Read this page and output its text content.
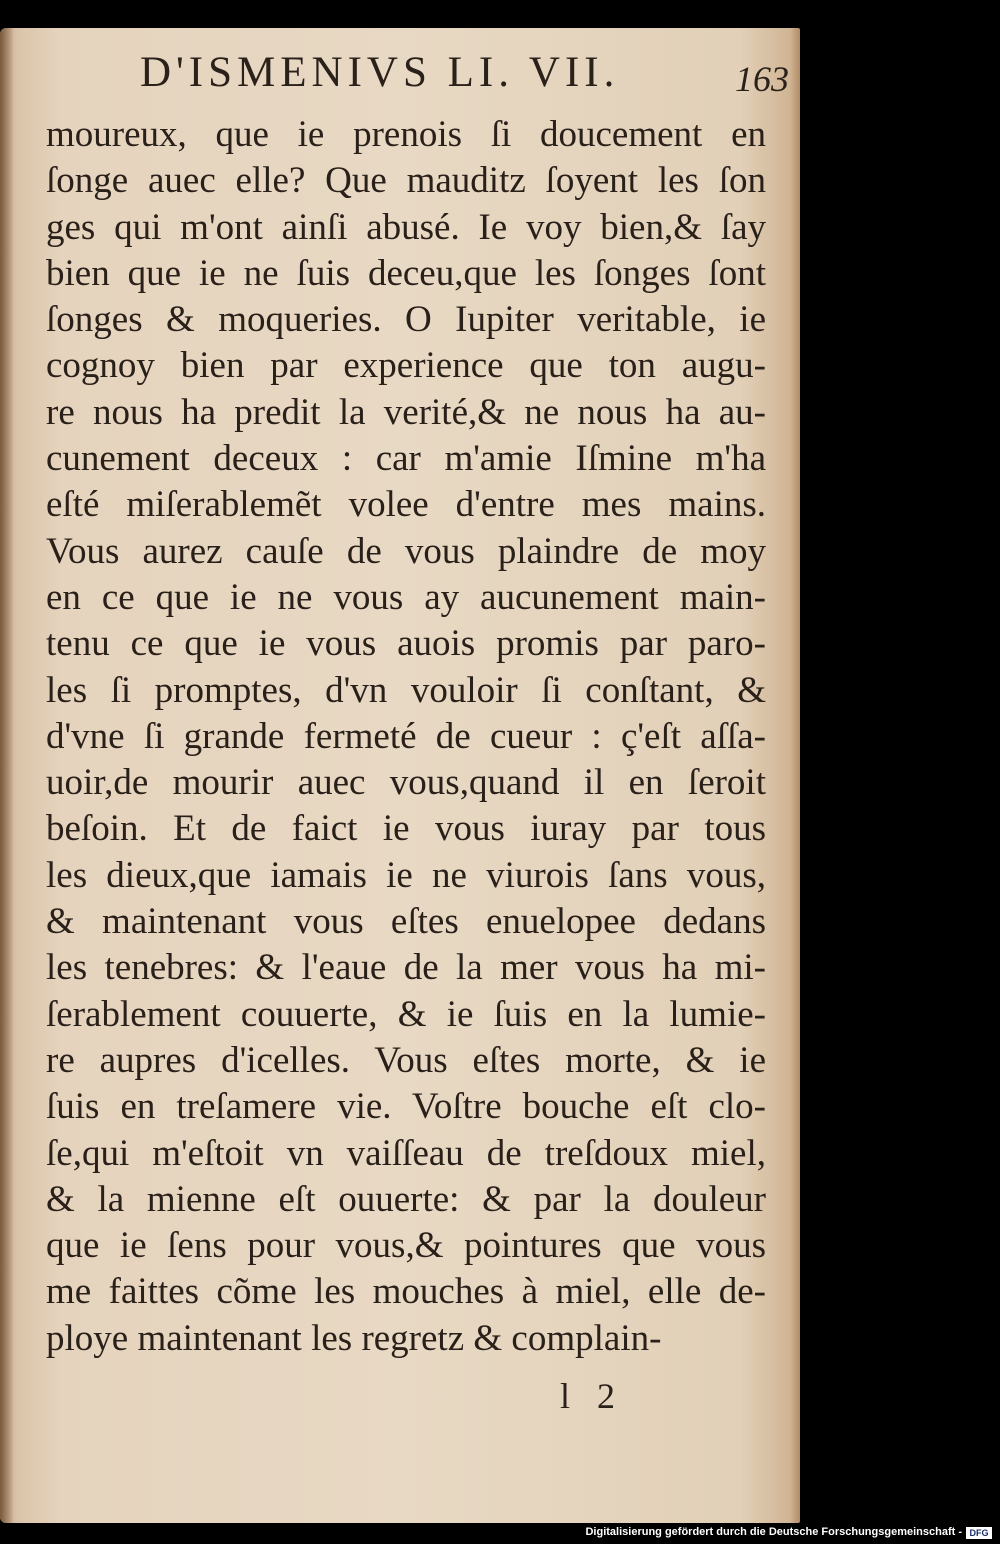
D'ISMENIVS LI. VII.	163
moureux, que ie prenois ſi doucement en
ſonge auec elle? Que mauditz ſoyent les ſon
ges qui m'ont ainſi abusé. Ie voy bien,& ſay
bien que ie ne ſuis deceu,que les ſonges ſont
ſonges & moqueries. O Iupiter veritable, ie
cognoy bien par experience que ton augu-
re nous ha predit la verité,& ne nous ha au-
cunement deceux : car m'amie Iſmine m'ha
eſté miſerablemẽt volee d'entre mes mains.
Vous aurez cauſe de vous plaindre de moy
en ce que ie ne vous ay aucunement main-
tenu ce que ie vous auois promis par paro-
les ſi promptes, d'vn vouloir ſi conſtant, &
d'vne ſi grande fermeté de cueur : ç'eſt aſſa-
uoir,de mourir auec vous,quand il en ſeroit
beſoin. Et de faict ie vous iuray par tous
les dieux,que iamais ie ne viurois ſans vous,
& maintenant vous eſtes enuelopee dedans
les tenebres: & l'eaue de la mer vous ha mi-
ſerablement couuerte, & ie ſuis en la lumie-
re aupres d'icelles. Vous eſtes morte, & ie
ſuis en treſamere vie. Voſtre bouche eſt clo-
ſe,qui m'eſtoit vn vaiſſeau de treſdoux miel,
& la mienne eſt ouuerte: & par la douleur
que ie ſens pour vous,& pointures que vous
me faittes cõme les mouches à miel, elle de-
ploye maintenant les regretz & complain-
l   2
Digitalisierung gefördert durch die Deutsche Forschungsgemeinschaft - DFG
